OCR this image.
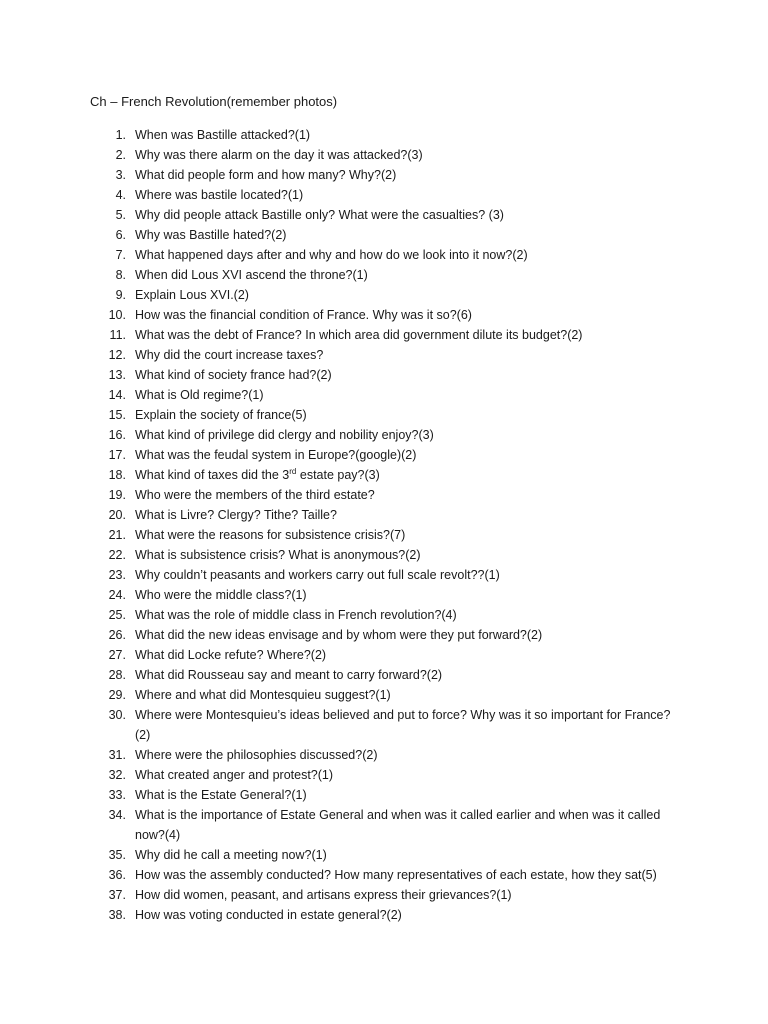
Ch – French Revolution(remember photos)
1. When was Bastille attacked?(1)
2. Why was there alarm on the day it was attacked?(3)
3. What did people form and how many? Why?(2)
4. Where was bastile located?(1)
5. Why did people attack Bastille only? What were the casualties? (3)
6. Why was Bastille hated?(2)
7. What happened days after and why and how do we look into it now?(2)
8. When did Lous XVI ascend the throne?(1)
9. Explain Lous XVI.(2)
10. How was the financial condition of France. Why was it so?(6)
11. What was the debt of France? In which area did government dilute its budget?(2)
12. Why did the court increase taxes?
13. What kind of society france had?(2)
14. What is Old regime?(1)
15. Explain the society of france(5)
16. What kind of privilege did clergy and nobility enjoy?(3)
17. What was the feudal system in Europe?(google)(2)
18. What kind of taxes did the 3rd estate pay?(3)
19. Who were the members of the third estate?
20. What is Livre? Clergy? Tithe? Taille?
21. What were the reasons for subsistence crisis?(7)
22. What is subsistence crisis? What is anonymous?(2)
23. Why couldn’t peasants and workers carry out full scale revolt??(1)
24. Who were the middle class?(1)
25. What was the role of middle class in French revolution?(4)
26. What did the new ideas envisage and by whom were they put forward?(2)
27. What did Locke refute? Where?(2)
28. What did Rousseau say and meant to carry forward?(2)
29. Where and what did Montesquieu suggest?(1)
30. Where were Montesquieu’s ideas believed and put to force? Why was it so important for France?(2)
31. Where were the philosophies discussed?(2)
32. What created anger and protest?(1)
33. What is the Estate General?(1)
34. What is the importance of Estate General and when was it called earlier and when was it called now?(4)
35. Why did he call a meeting now?(1)
36. How was the assembly conducted? How many representatives of each estate, how they sat(5)
37. How did women, peasant, and artisans express their grievances?(1)
38. How was voting conducted in estate general?(2)
